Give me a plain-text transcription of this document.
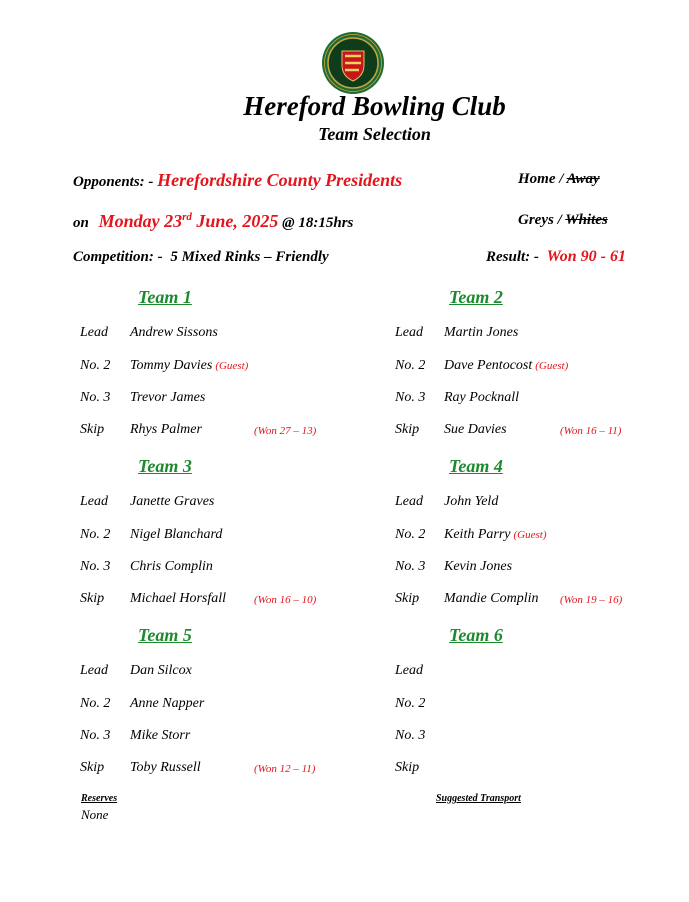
Hereford Bowling Club
Team Selection
Opponents: - Herefordshire County Presidents	Home / Away
on Monday 23rd June, 2025 @ 18:15hrs	Greys / Whites
Competition: - 5 Mixed Rinks – Friendly	Result: - Won 90 - 61
Team 1
Lead Andrew Sissons
No. 2 Tommy Davies (Guest)
No. 3 Trevor James
Skip Rhys Palmer	(Won 27 – 13)
Team 2
Lead Martin Jones
No. 2 Dave Pentocost (Guest)
No. 3 Ray Pocknall
Skip Sue Davies	(Won 16 – 11)
Team 3
Lead Janette Graves
No. 2 Nigel Blanchard
No. 3 Chris Complin
Skip Michael Horsfall	(Won 16 – 10)
Team 4
Lead John Yeld
No. 2 Keith Parry (Guest)
No. 3 Kevin Jones
Skip Mandie Complin (Won 19 – 16)
Team 5
Lead Dan Silcox
No. 2 Anne Napper
No. 3 Mike Storr
Skip Toby Russell	(Won 12 – 11)
Team 6
Lead
No. 2
No. 3
Skip
Reserves
None
Suggested Transport
